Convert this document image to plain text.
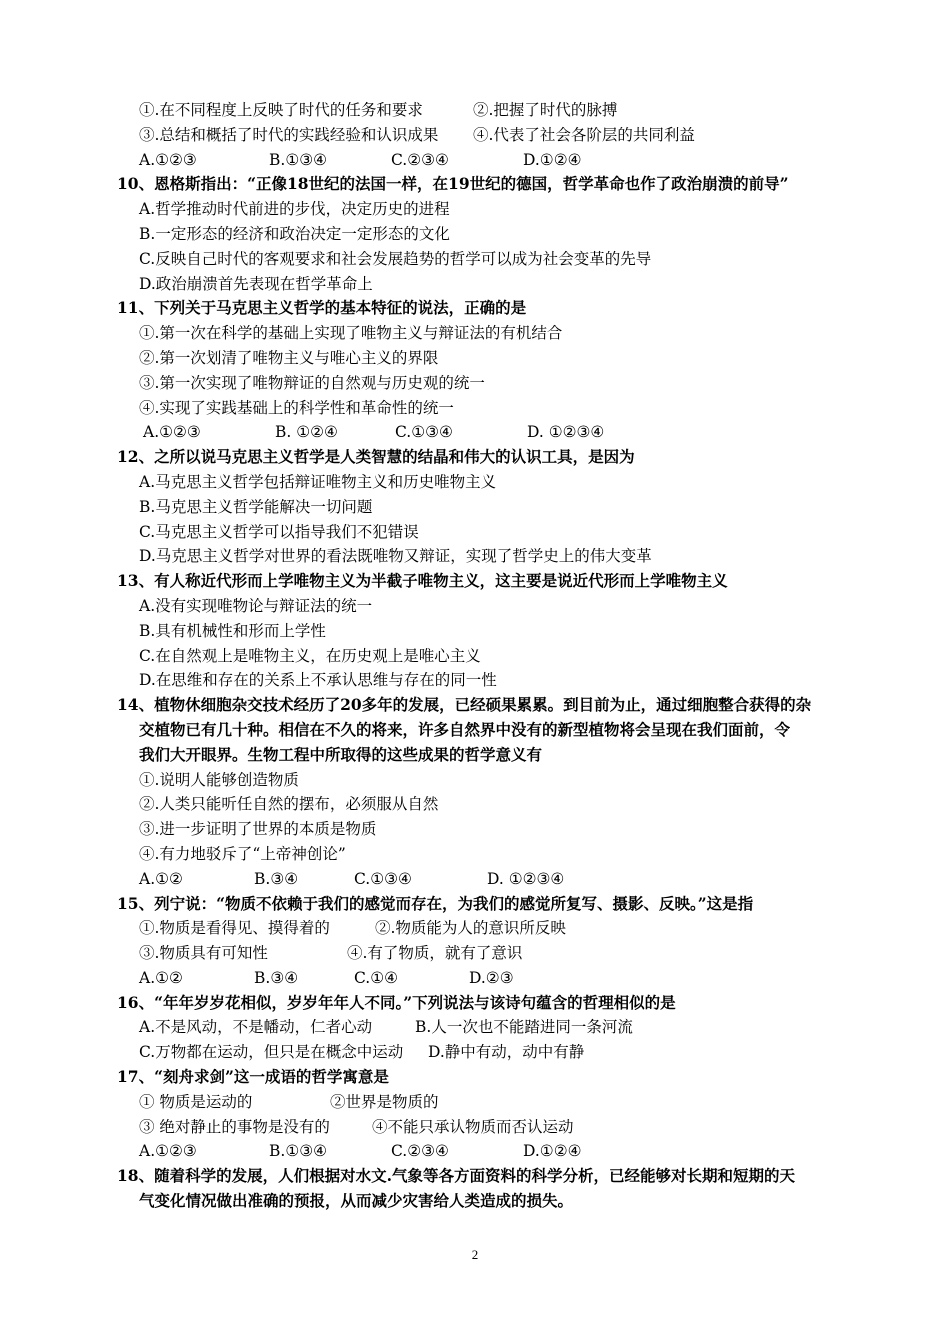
①.在不同程度上反映了时代的任务和要求	②.把握了时代的脉搏
③.总结和概括了时代的实践经验和认识成果 ④.代表了社会各阶层的共同利益
A.①②③	B.①③④	C.②③④	D.①②④
10、恩格斯指出：“正像18世纪的法国一样，在19世纪的德国，哲学革命也作了政治崩溃的前导”
A.哲学推动时代前进的步伐，决定历史的进程
B.一定形态的经济和政治决定一定形态的文化
C.反映自己时代的客观要求和社会发展趋势的哲学可以成为社会变革的先导
D.政治崩溃首先表现在哲学革命上
11、下列关于马克思主义哲学的基本特征的说法，正确的是
①.第一次在科学的基础上实现了唯物主义与辩证法的有机结合
②.第一次划清了唯物主义与唯心主义的界限
③.第一次实现了唯物辩证的自然观与历史观的统一
④.实现了实践基础上的科学性和革命性的统一
A.①②③	B. ①②④	C.①③④	D. ①②③④
12、之所以说马克思主义哲学是人类智慧的结晶和伟大的认识工具，是因为
A.马克思主义哲学包括辩证唯物主义和历史唯物主义
B.马克思主义哲学能解决一切问题
C.马克思主义哲学可以指导我们不犯错误
D.马克思主义哲学对世界的看法既唯物又辩证，实现了哲学史上的伟大变革
13、有人称近代形而上学唯物主义为半截子唯物主义，这主要是说近代形而上学唯物主义
A.没有实现唯物论与辩证法的统一
B.具有机械性和形而上学性
C.在自然观上是唯物主义，在历史观上是唯心主义
D.在思维和存在的关系上不承认思维与存在的同一性
14、植物休细胞杂交技术经历了20多年的发展，已经硕果累累。到目前为止，通过细胞整合获得的杂
交植物已有几十种。相信在不久的将来，许多自然界中没有的新型植物将会呈现在我们面前，令
我们大开眼界。生物工程中所取得的这些成果的哲学意义有
①.说明人能够创造物质
②.人类只能听任自然的摆布，必须服从自然
③.进一步证明了世界的本质是物质
④.有力地驳斥了“上帝神创论”
A.①②	B.③④	C.①③④	D. ①②③④
15、列宁说：“物质不依赖于我们的感觉而存在，为我们的感觉所复写、摄影、反映。”这是指
①.物质是看得见、摸得着的	②.物质能为人的意识所反映
③.物质具有可知性	④.有了物质，就有了意识
A.①②	B.③④	C.①④	D.②③
16、“年年岁岁花相似，岁岁年年人不同。”下列说法与该诗句蕴含的哲理相似的是
A.不是风动，不是幡动，仁者心动	B.人一次也不能踏进同一条河流
C.万物都在运动，但只是在概念中运动 D.静中有动，动中有静
17、“刻舟求剑”这一成语的哲学寓意是
① 物质是运动的	②世界是物质的
③ 绝对静止的事物是没有的	④不能只承认物质而否认运动
A.①②③	B.①③④	C.②③④	D.①②④
18、随着科学的发展，人们根据对水文.气象等各方面资料的科学分析，已经能够对长期和短期的天
气变化情况做出准确的预报，从而减少灾害给人类造成的损失。
2
